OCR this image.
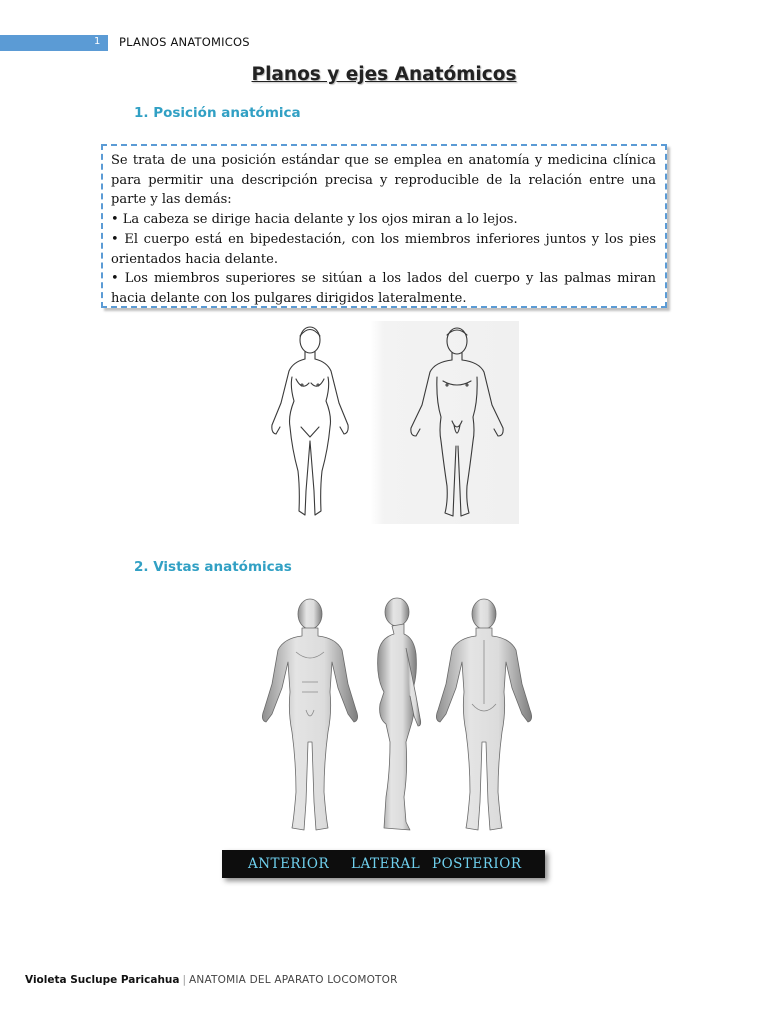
1 PLANOS ANATOMICOS
Planos y ejes Anatómicos
1. Posición anatómica

Se trata de una posición estándar que se emplea en anatomía y medicina clínica para permitir una descripción precisa y reproducible de la relación entre una parte y las demás:

• La cabeza se dirige hacia delante y los ojos miran a lo lejos.

• El cuerpo está en bipedestación, con los miembros inferiores juntos y los pies orientados hacia delante.

• Los miembros superiores se sitúan a los lados del cuerpo y las palmas miran hacia delante con los pulgares dirigidos lateralmente.

2. Vistas anatómicas
ANTERIOR LATERAL POSTERIOR
Violeta Suclupe Paricahua | ANATOMIA DEL APARATO LOCOMOTOR
